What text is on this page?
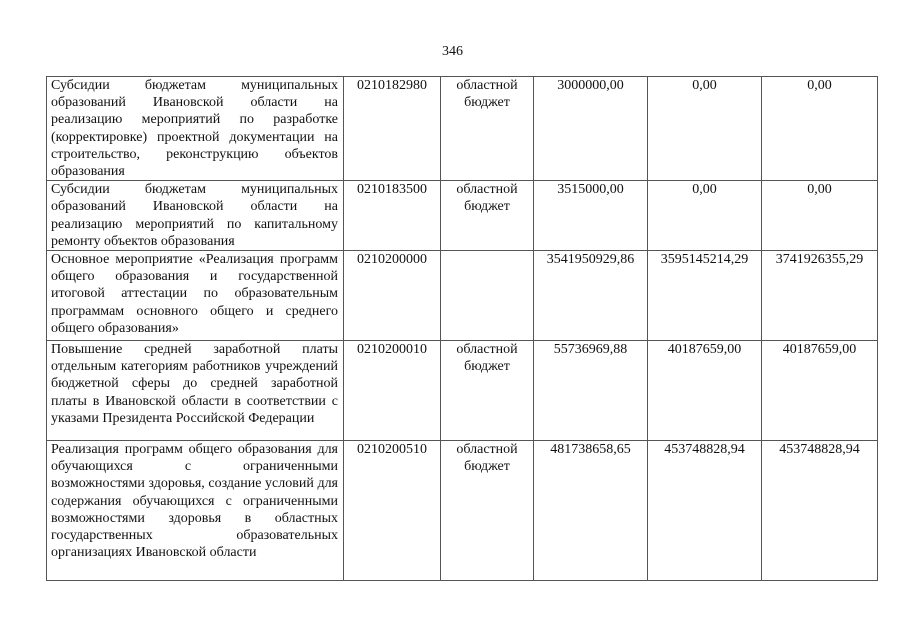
346
Субсидии бюджетам муниципальных образований Ивановской области на реализацию мероприятий по разработке (корректировке) проектной документации на строительство, реконструкцию объектов образования	0210182980	областной бюджет	3000000,00	0,00	0,00
Субсидии бюджетам муниципальных образований Ивановской области на реализацию мероприятий по капитальному ремонту объектов образования	0210183500	областной бюджет	3515000,00	0,00	0,00
Основное мероприятие «Реализация программ общего образования и государственной итоговой аттестации по образовательным программам основного общего и среднего общего образования»	0210200000		3541950929,86	3595145214,29	3741926355,29
Повышение средней заработной платы отдельным категориям работников учреждений бюджетной сферы до средней заработной платы в Ивановской области в соответствии с указами Президента Российской Федерации	0210200010	областной бюджет	55736969,88	40187659,00	40187659,00
Реализация программ общего образования для обучающихся с ограниченными возможностями здоровья, создание условий для содержания обучающихся с ограниченными возможностями здоровья в областных государственных образовательных организациях Ивановской области	0210200510	областной бюджет	481738658,65	453748828,94	453748828,94
